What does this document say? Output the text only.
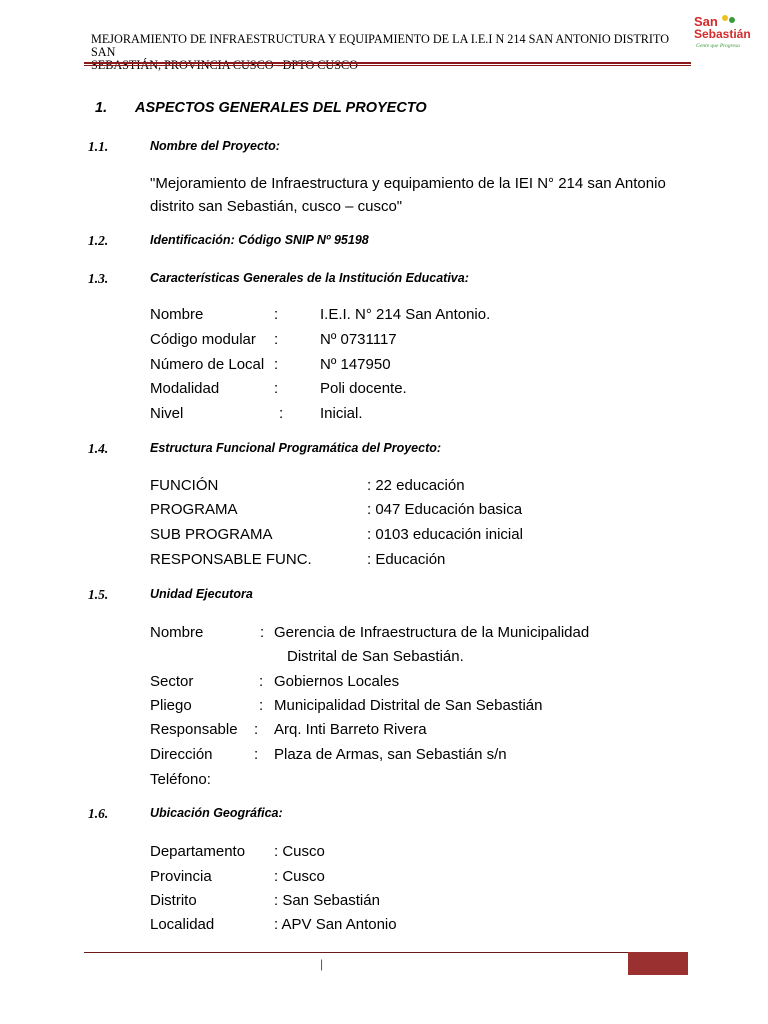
MEJORAMIENTO DE INFRAESTRUCTURA Y EQUIPAMIENTO DE LA I.E.I N 214 SAN ANTONIO DISTRITO SAN
SEBASTIÁN, PROVINCIA CUSCO –DPTO CUSCO
San
Sebastián
Gente que Progresa
1. ASPECTOS GENERALES DEL PROYECTO
1.1.	Nombre del Proyecto:
"Mejoramiento de Infraestructura y equipamiento de la IEI N° 214 san Antonio
distrito san Sebastián, cusco – cusco"
1.2.	Identificación: Código SNIP Nº 95198
1.3.	Características Generales de la Institución Educativa:
Nombre	:	I.E.I. N° 214 San Antonio.
Código modular :	Nº 0731117
Número de Local :	Nº 147950
Modalidad	:	Poli docente.
Nivel	: Inicial.
1.4.	Estructura Funcional Programática del Proyecto:
FUNCIÓN	: 22 educación
PROGRAMA	: 047 Educación basica
SUB PROGRAMA	: 0103 educación inicial
RESPONSABLE FUNC.	: Educación
1.5.	Unidad Ejecutora
Nombre	: Gerencia de Infraestructura de la Municipalidad
Distrital de San Sebastián.
Sector	: Gobiernos Locales
Pliego	: Municipalidad Distrital de San Sebastián
Responsable : Arq. Inti Barreto Rivera
Dirección	: Plaza de Armas, san Sebastián s/n
Teléfono:
1.6.	Ubicación Geográfica:
Departamento : Cusco
Provincia	: Cusco
Distrito	: San Sebastián
Localidad	: APV San Antonio
|
